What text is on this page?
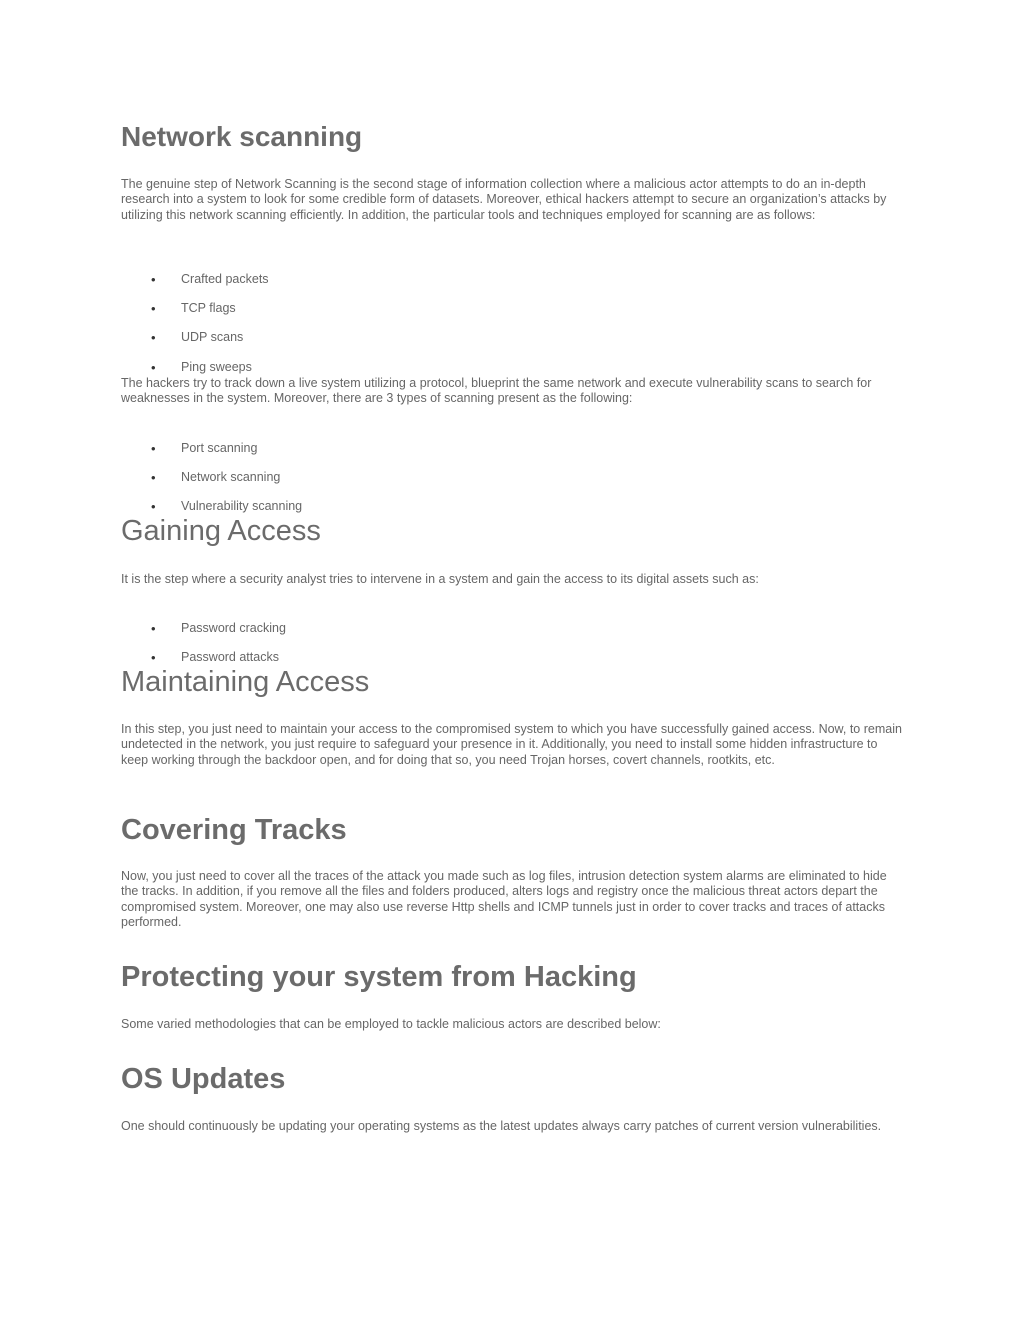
Network scanning

The genuine step of Network Scanning is the second stage of information collection where a malicious actor attempts to do an in-depth research into a system to look for some credible form of datasets. Moreover, ethical hackers attempt to secure an organization’s attacks by utilizing this network scanning efficiently. In addition, the particular tools and techniques employed for scanning are as follows:

• Crafted packets
• TCP flags
• UDP scans
• Ping sweeps

The hackers try to track down a live system utilizing a protocol, blueprint the same network and execute vulnerability scans to search for weaknesses in the system. Moreover, there are 3 types of scanning present as the following:

• Port scanning
• Network scanning
• Vulnerability scanning
Gaining Access

It is the step where a security analyst tries to intervene in a system and gain the access to its digital assets such as:

• Password cracking
• Password attacks
Maintaining Access

In this step, you just need to maintain your access to the compromised system to which you have successfully gained access. Now, to remain undetected in the network, you just require to safeguard your presence in it. Additionally, you need to install some hidden infrastructure to keep working through the backdoor open, and for doing that so, you need Trojan horses, covert channels, rootkits, etc.

Covering Tracks

Now, you just need to cover all the traces of the attack you made such as log files, intrusion detection system alarms are eliminated to hide the tracks. In addition, if you remove all the files and folders produced, alters logs and registry once the malicious threat actors depart the compromised system. Moreover, one may also use reverse Http shells and ICMP tunnels just in order to cover tracks and traces of attacks performed.

Protecting your system from Hacking

Some varied methodologies that can be employed to tackle malicious actors are described below:

OS Updates

One should continuously be updating your operating systems as the latest updates always carry patches of current version vulnerabilities.
